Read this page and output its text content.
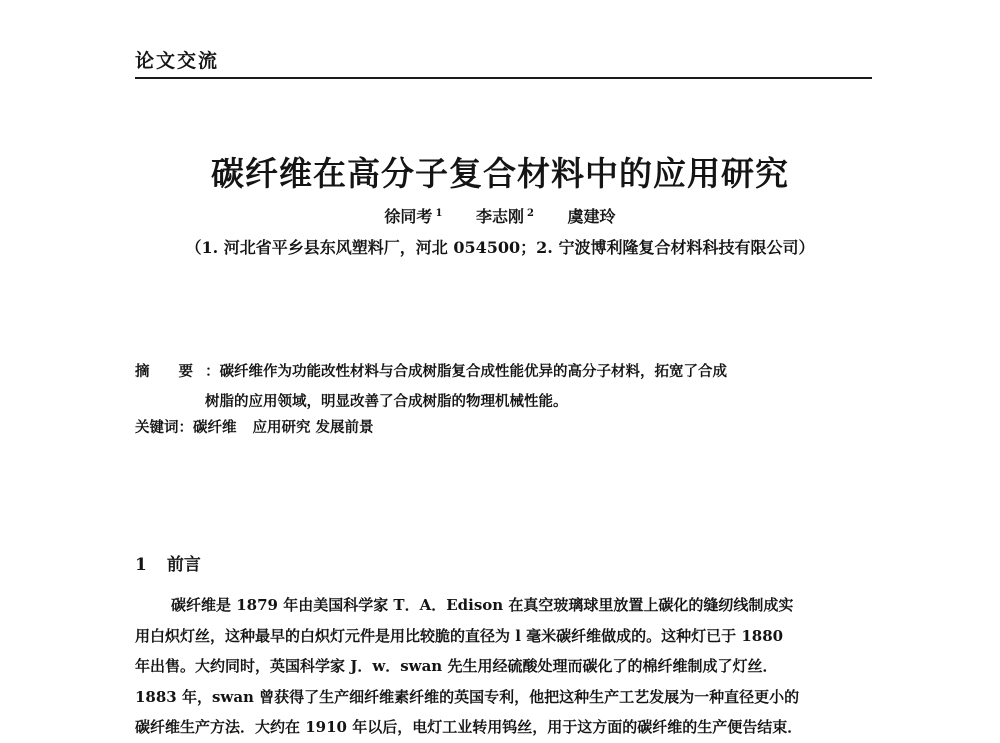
论文交流
碳纤维在高分子复合材料中的应用研究
徐同考 $^1$ 李志刚 $^2$ 虞建玲
（1. 河北省平乡县东风塑料厂，河北 054500；2. 宁波博利隆复合材料科技有限公司）
摘 要：碳纤维作为功能改性材料与合成树脂复合成性能优异的高分子材料，拓宽了合成
树脂的应用领域，明显改善了合成树脂的物理机械性能。
关键词：碳纤维 应用研究 发展前景
1 前言

碳纤维是 1879 年由美国科学家 T．A．Edison 在真空玻璃球里放置上碳化的缝纫线制成实

用白炽灯丝，这种最早的白炽灯元件是用比较脆的直径为 l 毫米碳纤维做成的。这种灯已于 1880

年出售。大约同时，英国科学家 J．w．swan 先生用经硫酸处理而碳化了的棉纤维制成了灯丝．

1883 年，swan 曾获得了生产细纤维素纤维的英国专利，他把这种生产工艺发展为一种直径更小的

碳纤维生产方法．大约在 1910 年以后，电灯工业转用钨丝，用于这方面的碳纤维的生产便告结束．
